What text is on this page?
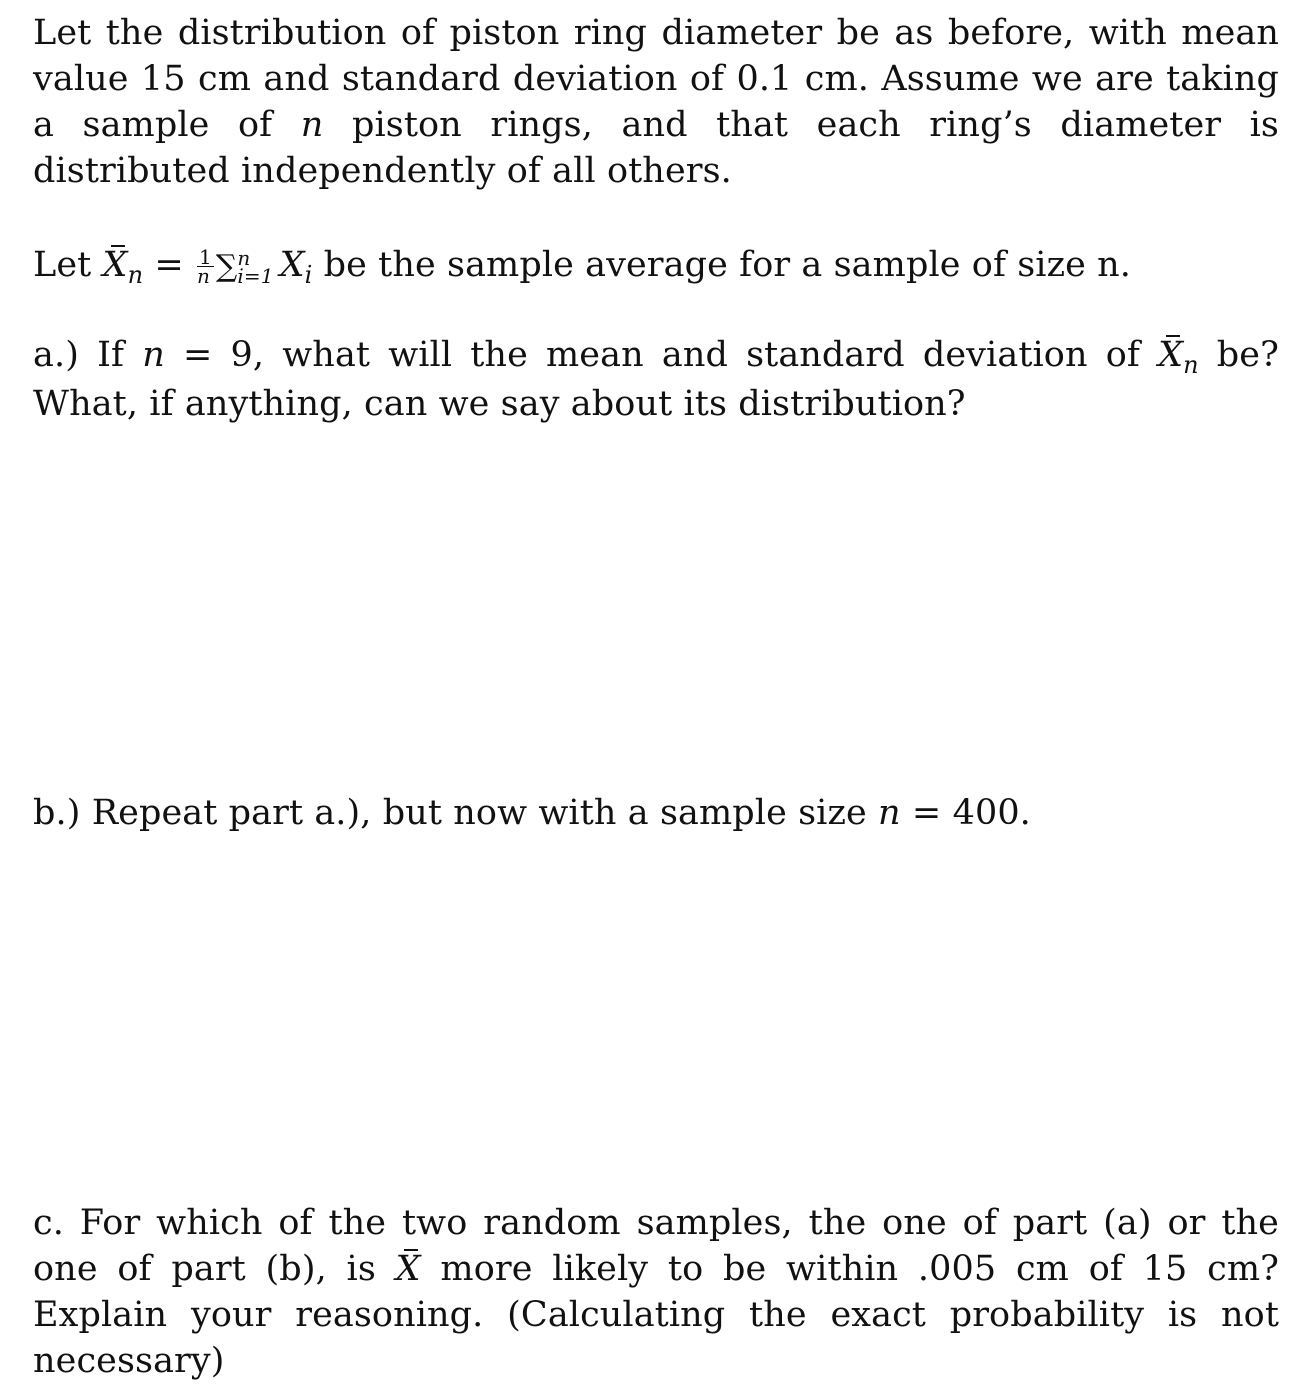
Let the distribution of piston ring diameter be as before, with mean value 15 cm and standard deviation of 0.1 cm. Assume we are taking a sample of n piston rings, and that each ring’s diameter is distributed independently of all others.

Let $X_n = \frac{1}{n}$ ∑ n
i=1 $X_i$ be the sample average for a sample of size n.

a.) If n = 9, what will the mean and standard deviation of $X_n$ be? What, if anything, can we say about its distribution?

b.) Repeat part a.), but now with a sample size n = 400.

c. For which of the two random samples, the one of part (a) or the one of part (b), is X more likely to be within .005 cm of 15 cm? Explain your reasoning. (Calculating the exact probability is not necessary)
